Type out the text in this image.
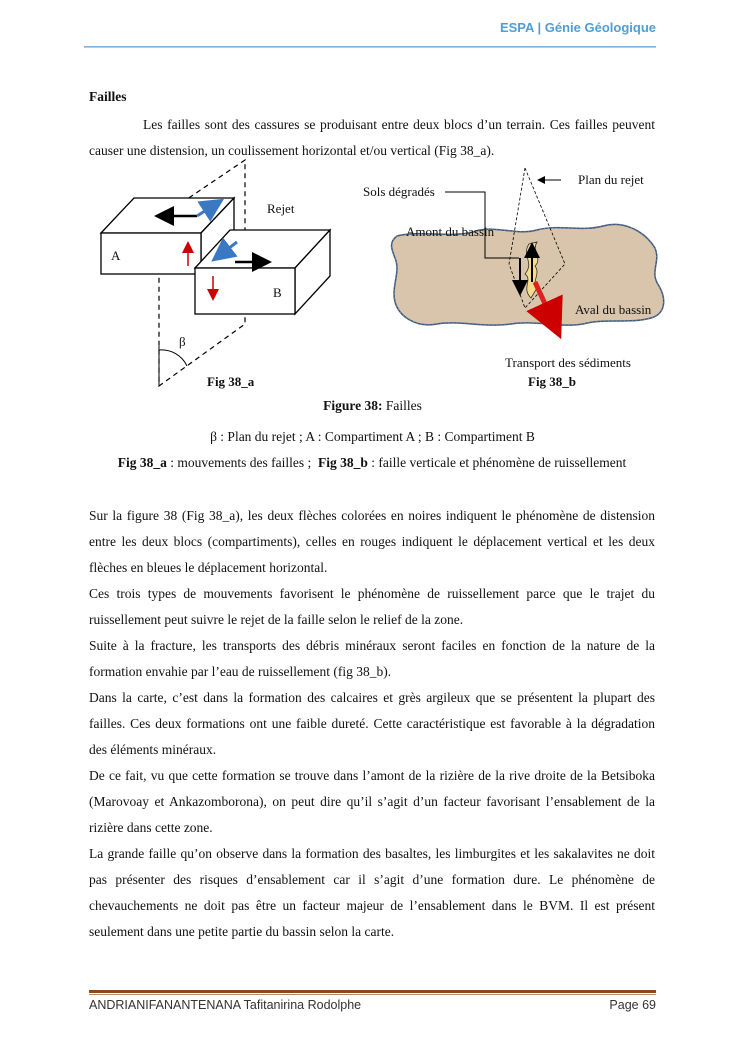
ESPA | Génie Géologique
Failles
Les failles sont des cassures se produisant entre deux blocs d’un terrain. Ces failles peuvent causer une distension, un coulissement horizontal et/ou vertical (Fig 38_a).
Rejet
A
B
β
Fig 38_a
Sols dégradés
Plan du rejet
Amont du bassin
Aval du bassin
Transport des sédiments
Fig 38_b
Figure 38: Failles
β : Plan du rejet ; A : Compartiment A ; B : Compartiment B
Fig 38_a : mouvements des failles ;  Fig 38_b : faille verticale et phénomène de ruissellement

Sur la figure 38 (Fig 38_a), les deux flèches colorées en noires indiquent le phénomène de distension entre les deux blocs (compartiments), celles en rouges indiquent le déplacement vertical et les deux flèches en bleues le déplacement horizontal.

Ces trois types de mouvements favorisent le phénomène de ruissellement parce que le trajet du ruissellement peut suivre le rejet de la faille selon le relief de la zone.

Suite à la fracture, les transports des débris minéraux seront faciles en fonction de la nature de la formation envahie par l’eau de ruissellement (fig 38_b).

Dans la carte, c’est dans la formation des calcaires et grès argileux que se présentent la plupart des failles. Ces deux formations ont une faible dureté. Cette caractéristique est favorable à la dégradation des éléments minéraux.

De ce fait, vu que cette formation se trouve dans l’amont de la rizière de la rive droite de la Betsiboka (Marovoay et Ankazomborona), on peut dire qu’il s’agit d’un facteur favorisant l’ensablement de la rizière dans cette zone.

La grande faille qu’on observe dans la formation des basaltes, les limburgites et les sakalavites ne doit pas présenter des risques d’ensablement car il s’agit d’une formation dure. Le phénomène de chevauchements ne doit pas être un facteur majeur de l’ensablement dans le BVM. Il est présent seulement dans une petite partie du bassin selon la carte.

ANDRIANIFANANTENANA Tafitanirina Rodolphe	Page 69
